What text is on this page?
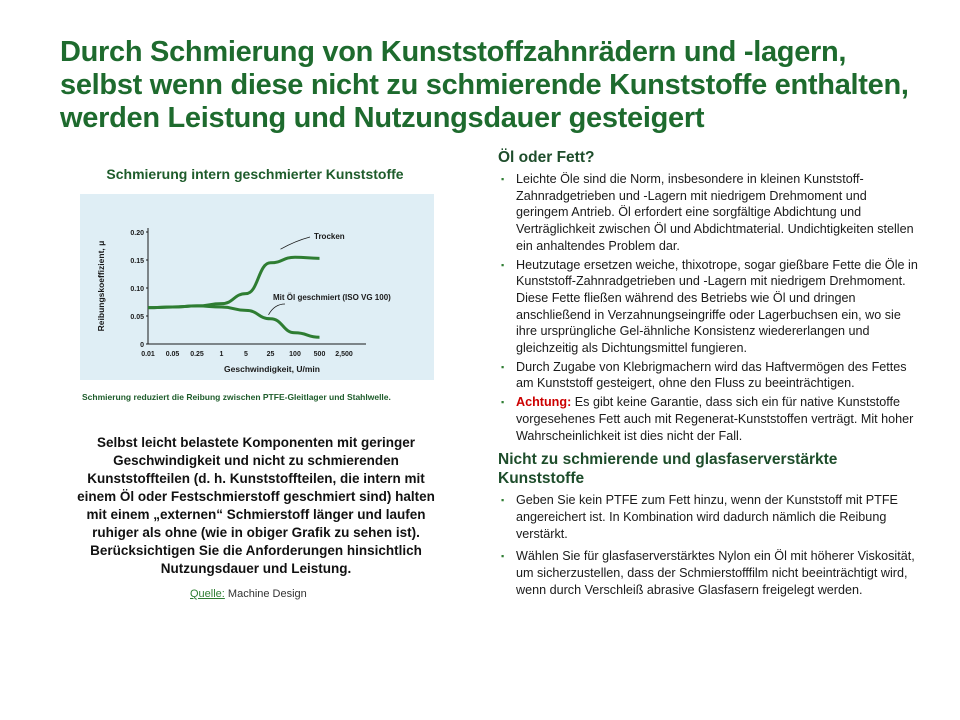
Durch Schmierung von Kunststoffzahnrädern und -lagern, selbst wenn diese nicht zu schmierende Kunststoffe enthalten, werden Leistung und Nutzungsdauer gesteigert
Schmierung intern geschmierter Kunststoffe
0
0.05
0.10
0.15
0.20
0.01 0.05 0.25 1	5	25 100 500 2,500
Trocken
Mit Öl geschmiert (ISO VG 100)
Reibungskoeffizient, μ
Geschwindigkeit, U/min
Schmierung reduziert die Reibung zwischen PTFE-Gleitlager und Stahlwelle.
Selbst leicht belastete Komponenten mit geringer Geschwindigkeit und nicht zu schmierenden Kunststoffteilen (d. h. Kunststoffteilen, die intern mit einem Öl oder Festschmierstoff geschmiert sind) halten mit einem „externen“ Schmierstoff länger und laufen ruhiger als ohne (wie in obiger Grafik zu sehen ist). Berücksichtigen Sie die Anforderungen hinsichtlich Nutzungsdauer und Leistung.
Quelle: Machine Design
Öl oder Fett?
▪ Leichte Öle sind die Norm, insbesondere in kleinen Kunststoff-Zahnradgetrieben und -Lagern mit niedrigem Drehmoment und geringem Antrieb. Öl erfordert eine sorgfältige Abdichtung und Verträglichkeit zwischen Öl und Abdichtmaterial. Undichtigkeiten stellen ein anhaltendes Problem dar.
▪ Heutzutage ersetzen weiche, thixotrope, sogar gießbare Fette die Öle in Kunststoff-Zahnradgetrieben und -Lagern mit niedrigem Drehmoment. Diese Fette fließen während des Betriebs wie Öl und dringen anschließend in Verzahnungseingriffe oder Lagerbuchsen ein, wo sie ihre ursprüngliche Gel-ähnliche Konsistenz wiedererlangen und gleichzeitig als Dichtungsmittel fungieren.
▪ Durch Zugabe von Klebrigmachern wird das Haftvermögen des Fettes am Kunststoff gesteigert, ohne den Fluss zu beeinträchtigen.
▪ Achtung: Es gibt keine Garantie, dass sich ein für native Kunststoffe vorgesehenes Fett auch mit Regenerat-Kunststoffen verträgt. Mit hoher Wahrscheinlichkeit ist dies nicht der Fall.
Nicht zu schmierende und glasfaserverstärkte Kunststoffe
▪ Geben Sie kein PTFE zum Fett hinzu, wenn der Kunststoff mit PTFE angereichert ist. In Kombination wird dadurch nämlich die Reibung verstärkt.
▪ Wählen Sie für glasfaserverstärktes Nylon ein Öl mit höherer Viskosität, um sicherzustellen, dass der Schmierstofffilm nicht beeinträchtigt wird, wenn durch Verschleiß abrasive Glasfasern freigelegt werden.
